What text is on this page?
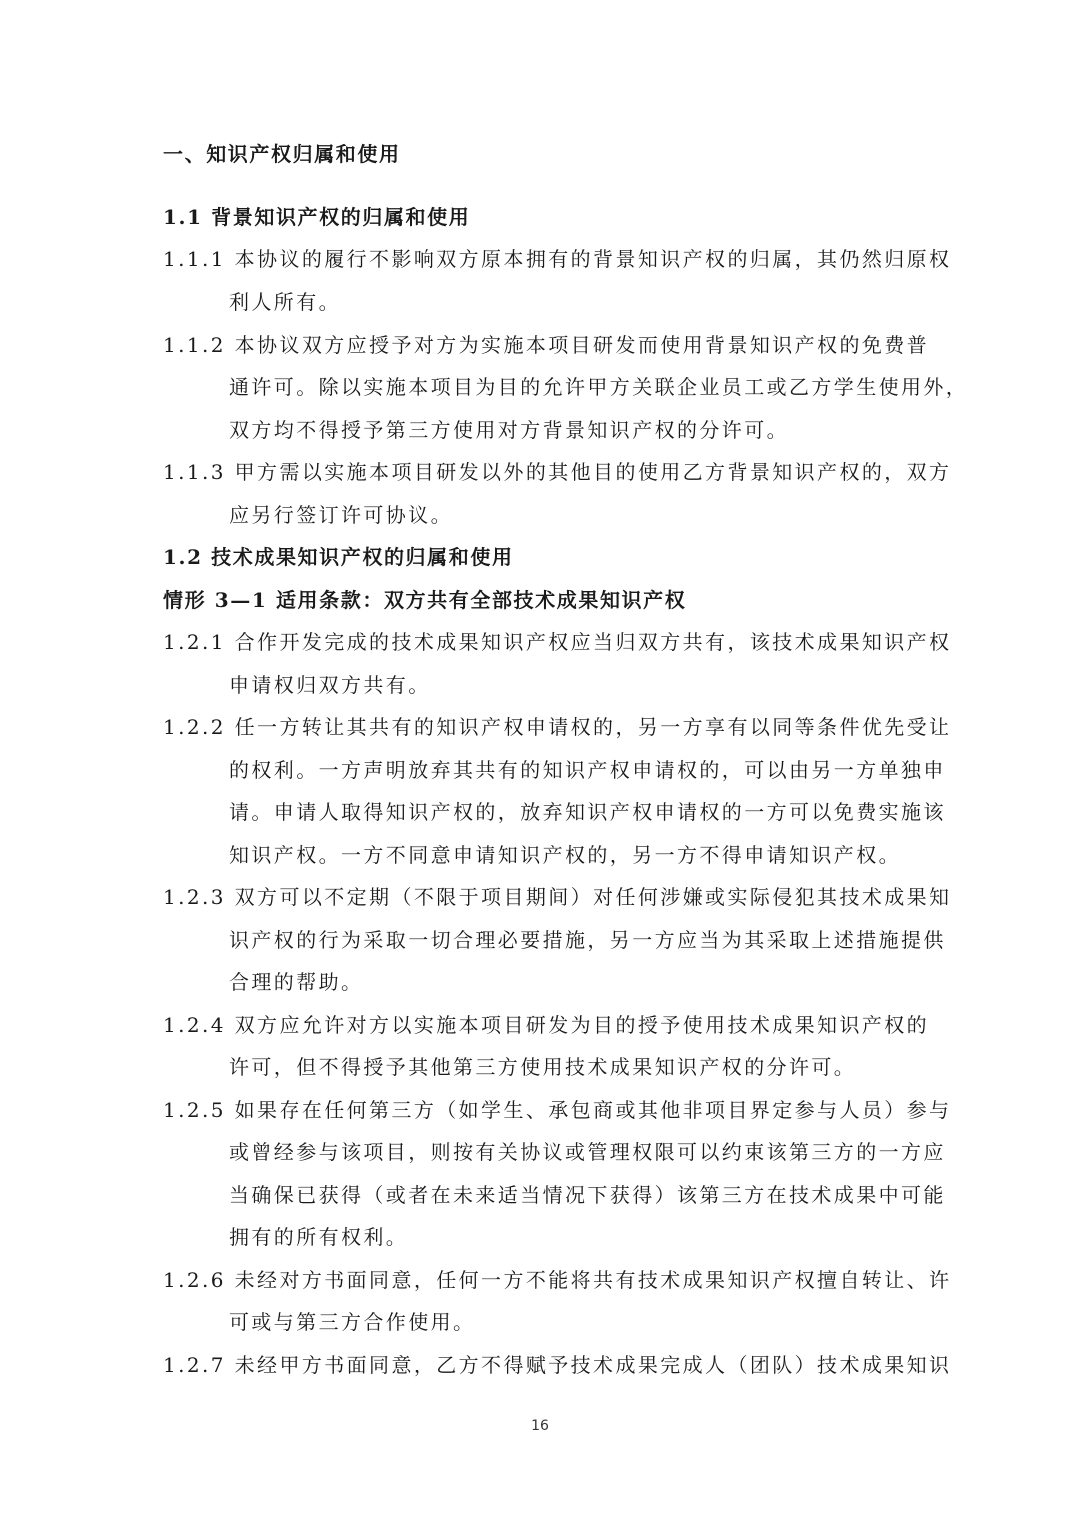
一、知识产权归属和使用
1.1 背景知识产权的归属和使用
1.1.1 本协议的履行不影响双方原本拥有的背景知识产权的归属，其仍然归原权
利人所有。
1.1.2 本协议双方应授予对方为实施本项目研发而使用背景知识产权的免费普
通许可。除以实施本项目为目的允许甲方关联企业员工或乙方学生使用外，
双方均不得授予第三方使用对方背景知识产权的分许可。
1.1.3 甲方需以实施本项目研发以外的其他目的使用乙方背景知识产权的，双方
应另行签订许可协议。
1.2 技术成果知识产权的归属和使用
情形 3—1 适用条款：双方共有全部技术成果知识产权
1.2.1 合作开发完成的技术成果知识产权应当归双方共有，该技术成果知识产权
申请权归双方共有。
1.2.2 任一方转让其共有的知识产权申请权的，另一方享有以同等条件优先受让
的权利。一方声明放弃其共有的知识产权申请权的，可以由另一方单独申
请。申请人取得知识产权的，放弃知识产权申请权的一方可以免费实施该
知识产权。一方不同意申请知识产权的，另一方不得申请知识产权。
1.2.3 双方可以不定期（不限于项目期间）对任何涉嫌或实际侵犯其技术成果知
识产权的行为采取一切合理必要措施，另一方应当为其采取上述措施提供
合理的帮助。
1.2.4 双方应允许对方以实施本项目研发为目的授予使用技术成果知识产权的
许可，但不得授予其他第三方使用技术成果知识产权的分许可。
1.2.5 如果存在任何第三方（如学生、承包商或其他非项目界定参与人员）参与
或曾经参与该项目，则按有关协议或管理权限可以约束该第三方的一方应
当确保已获得（或者在未来适当情况下获得）该第三方在技术成果中可能
拥有的所有权利。
1.2.6 未经对方书面同意，任何一方不能将共有技术成果知识产权擅自转让、许
可或与第三方合作使用。
1.2.7 未经甲方书面同意，乙方不得赋予技术成果完成人（团队）技术成果知识
16
